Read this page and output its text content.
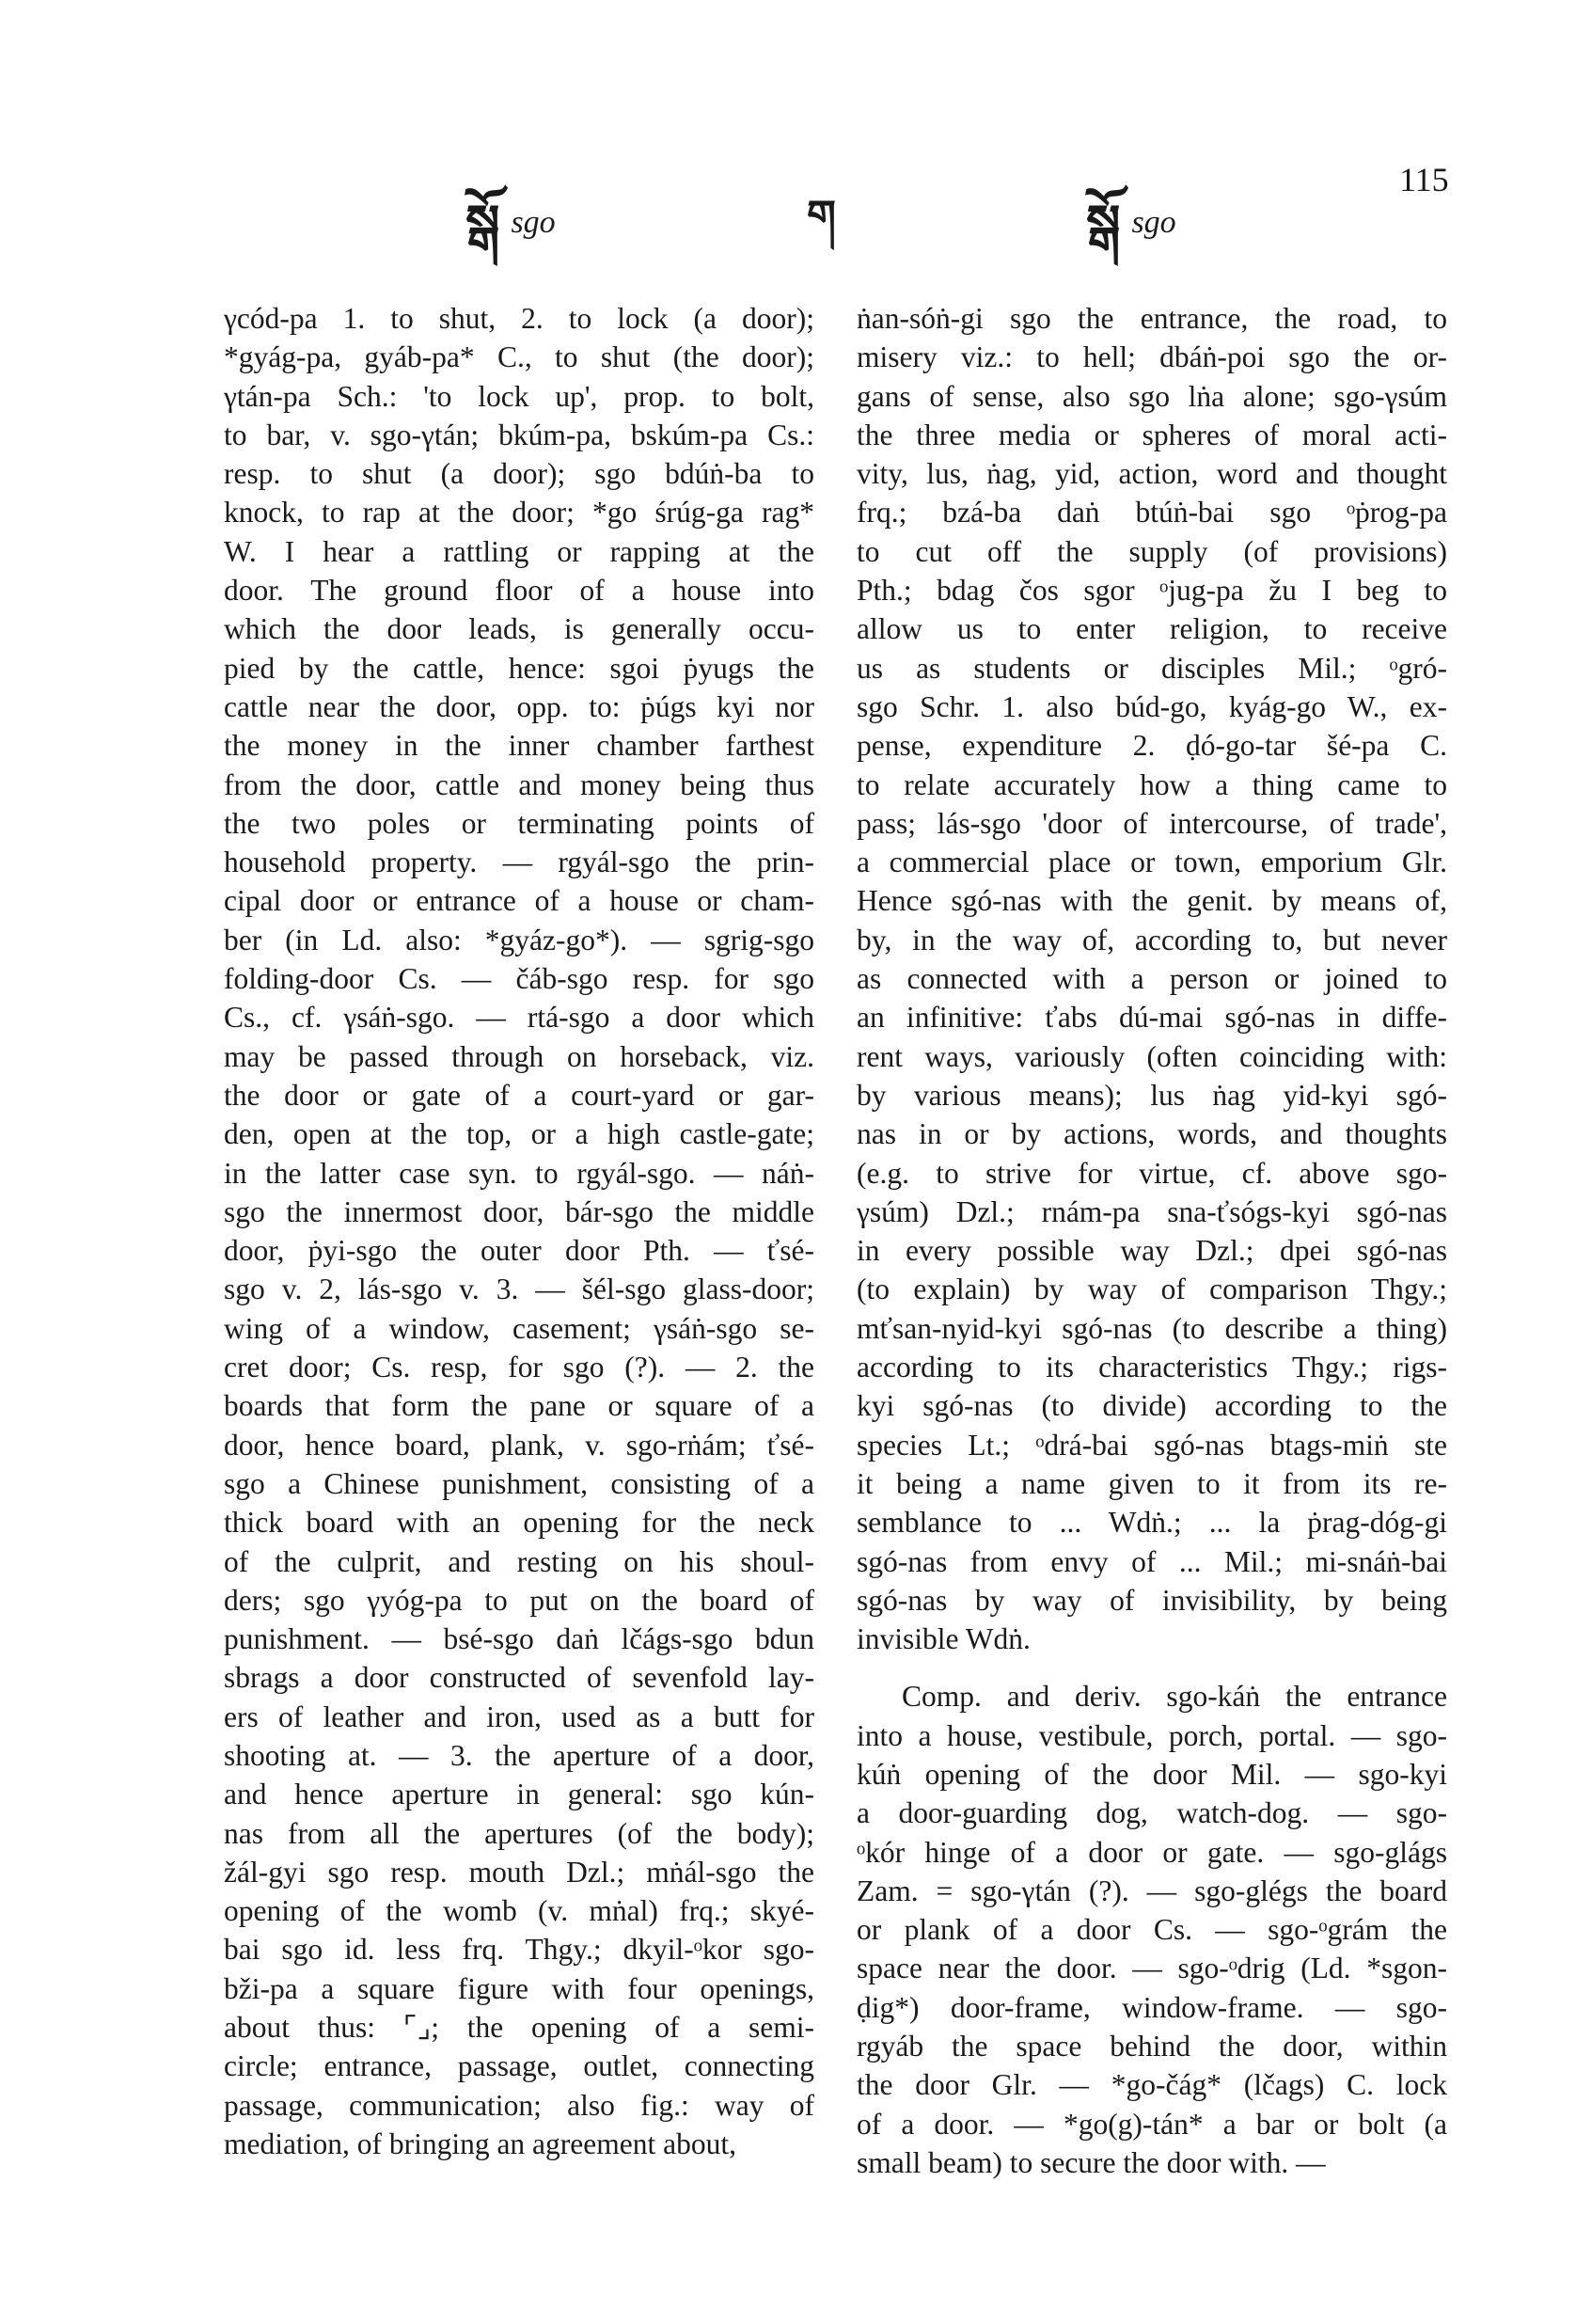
སྒོ sgo	ག	སྒོ sgo
115

γcód-pa 1. to shut, 2. to lock (a door);
*gyág-pa, gyáb-pa* C., to shut (the door);
γtán-pa Sch.: 'to lock up', prop. to bolt,
to bar, v. sgo-γtán; bkúm-pa, bskúm-pa Cs.:
resp. to shut (a door); sgo bdúṅ-ba to
knock, to rap at the door; *go śrúg-ga rag*
W. I hear a rattling or rapping at the
door. The ground floor of a house into
which the door leads, is generally occu-
pied by the cattle, hence: sgoi ṗyugs the
cattle near the door, opp. to: ṗúgs kyi nor
the money in the inner chamber farthest
from the door, cattle and money being thus
the two poles or terminating points of
household property. — rgyál-sgo the prin-
cipal door or entrance of a house or cham-
ber (in Ld. also: *gyáz-go*). — sgrig-sgo
folding-door Cs. — čáb-sgo resp. for sgo
Cs., cf. γsáṅ-sgo. — rtá-sgo a door which
may be passed through on horseback, viz.
the door or gate of a court-yard or gar-
den, open at the top, or a high castle-gate;
in the latter case syn. to rgyál-sgo. — náṅ-
sgo the innermost door, bár-sgo the middle
door, ṗyi-sgo the outer door Pth. — ťsé-
sgo v. 2, lás-sgo v. 3. — šél-sgo glass-door;
wing of a window, casement; γsáṅ-sgo se-
cret door; Cs. resp, for sgo (?). — 2. the
boards that form the pane or square of a
door, hence board, plank, v. sgo-rṅám; ťsé-
sgo a Chinese punishment, consisting of a
thick board with an opening for the neck
of the culprit, and resting on his shoul-
ders; sgo γyóg-pa to put on the board of
punishment. — bsé-sgo daṅ lčágs-sgo bdun
sbrags a door constructed of sevenfold lay-
ers of leather and iron, used as a butt for
shooting at. — 3. the aperture of a door,
and hence aperture in general: sgo kún-
nas from all the apertures (of the body);
žál-gyi sgo resp. mouth Dzl.; mṅál-sgo the
opening of the womb (v. mṅal) frq.; skyé-
bai sgo id. less frq. Thgy.; dkyil-ᵒkor sgo-
bži-pa a square figure with four openings,
about thus: ⌜⌟; the opening of a semi-
circle; entrance, passage, outlet, connecting
passage, communication; also fig.: way of
mediation, of bringing an agreement about,

ṅan-sóṅ-gi sgo the entrance, the road, to
misery viz.: to hell; dbáṅ-poi sgo the or-
gans of sense, also sgo lṅa alone; sgo-γsúm
the three media or spheres of moral acti-
vity, lus, ṅag, yid, action, word and thought
frq.; bzá-ba daṅ btúṅ-bai sgo ᵒṗrog-pa
to cut off the supply (of provisions)
Pth.; bdag čos sgor ᵒjug-pa žu I beg to
allow us to enter religion, to receive
us as students or disciples Mil.; ᵒgró-
sgo Schr. 1. also búd-go, kyág-go W., ex-
pense, expenditure 2. ḍó-go-tar šé-pa C.
to relate accurately how a thing came to
pass; lás-sgo 'door of intercourse, of trade',
a commercial place or town, emporium Glr.
Hence sgó-nas with the genit. by means of,
by, in the way of, according to, but never
as connected with a person or joined to
an infinitive: ťabs dú-mai sgó-nas in diffe-
rent ways, variously (often coinciding with:
by various means); lus ṅag yid-kyi sgó-
nas in or by actions, words, and thoughts
(e.g. to strive for virtue, cf. above sgo-
γsúm) Dzl.; rnám-pa sna-ťsógs-kyi sgó-nas
in every possible way Dzl.; dpei sgó-nas
(to explain) by way of comparison Thgy.;
mťsan-nyid-kyi sgó-nas (to describe a thing)
according to its characteristics Thgy.; rigs-
kyi sgó-nas (to divide) according to the
species Lt.; ᵒdrá-bai sgó-nas btags-miṅ ste
it being a name given to it from its re-
semblance to ... Wdṅ.; ... la ṗrag-dóg-gi
sgó-nas from envy of ... Mil.; mi-snáṅ-bai
sgó-nas by way of invisibility, by being
invisible Wdṅ.

Comp. and deriv. sgo-káṅ the entrance
into a house, vestibule, porch, portal. — sgo-
kúṅ opening of the door Mil. — sgo-kyi
a door-guarding dog, watch-dog. — sgo-
ᵒkór hinge of a door or gate. — sgo-glágs
Zam. = sgo-γtán (?). — sgo-glégs the board
or plank of a door Cs. — sgo-ᵒgrám the
space near the door. — sgo-ᵒdrig (Ld. *sgon-
ḍig*) door-frame, window-frame. — sgo-
rgyáb the space behind the door, within
the door Glr. — *go-čág* (lčags) C. lock
of a door. — *go(g)-tán* a bar or bolt (a
small beam) to secure the door with. —
